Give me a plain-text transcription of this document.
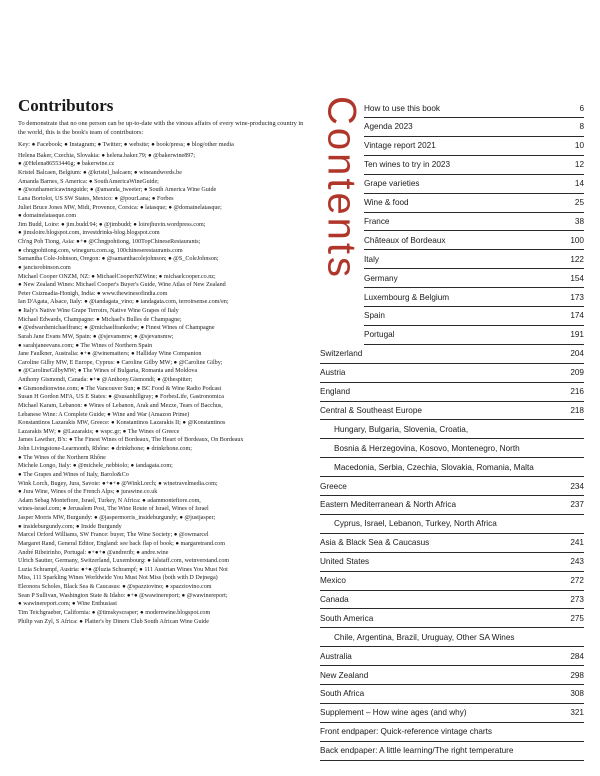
Contributors

To demonstrate that no one person can be up-to-date with the vinous affairs of every wine-producing country in the world, this is the book's team of contributors:

Key: ● Facebook; ● Instagram; ● Twitter; ● website; ● book/press; ● blog/other media
Helena Baker, Czechia, Slovakia: ● helena.baker.79; ● @bakerwine897;
● @Helena86553446g; ● bakerwine.cz
Kristel Balcaen, Belgium: ● @kristel_balcaen; ● wineandwords.be
Amanda Barnes, S America: ● SouthAmericaWineGuide;
● @southamericawineguide; ● @amanda_tweeter; ● South America Wine Guide
Lana Bortolot, US SW States, Mexico: ● @pourLana; ● Forbes
Juliet Bruce Jones MW, Midi, Provence, Corsica: ● latasque; ● @domainelatasque;
● domainelatasque.com
Jim Budd, Loire: ● jim.budd.94; ● @jimbudd; ● loirejhuvin.wordpress.com;
● jimsloire.blogspot.com, investdrinks-blog.blogspot.com
Ch'ng Poh Tiong, Asia: ●+● @Chngpohtiong, 100TopChineseRestaurants;
● chngpohtiong.com, wineguru.com.sg, 100chineserestaurants.com
Samantha Cole-Johnson, Oregon: ● @samanthacolejohnson; ● @S_ColeJohnson;
● jancisrobinson.com
Michael Cooper ONZM, NZ: ● MichaelCooperNZWine; ● michaelcooper.co.nz;
● New Zealand Wines: Michael Cooper's Buyer's Guide, Wine Atlas of New Zealand
Peter Csizmadia-Honigh, India: ● www.thewinesofindia.com
Ian D'Agata, Alsace, Italy: ● @iandagata_vino; ● iandagata.com, terroirsense.com/en;
● Italy's Native Wine Grape Terroirs, Native Wine Grapes of Italy
Michael Edwards, Champagne: ● Michael's Bulles de Champagne;
● @edwardsmichaelfranc; ● @michaelfrankedw; ● Finest Wines of Champagne
Sarah Jane Evans MW, Spain: ● @sjevansmw; ● @sjevansmw;
● sarahjaneevans.com; ● The Wines of Northern Spain
Jane Faulkner, Australia: ●+● @winematters; ● Halliday Wine Companion
Caroline Gilby MW, E Europe, Cyprus: ● Caroline Gilby MW; ● @Caroline Gilby;
● @CarolineGilbyMW; ● The Wines of Bulgaria, Romania and Moldova
Anthony Gismondi, Canada: ●+● @Anthony.Gismondi; ● @thespitter;
● Gismondionwine.com; ● The Vancouver Sun; ● BC Food & Wine Radio Podcast
Susan H Gordon MFA, US E States: ● @susanhillgray; ● ForbesLife, Gastronomica
Michael Karam, Lebanon: ● Wines of Lebanon, Arak and Mezze, Tears of Bacchus,
Lebanese Wine: A Complete Guide; ● Wine and War (Amazon Prime)
Konstantinos Lazarakis MW, Greece: ● Konstantinos Lazarakis II; ● @Konstantinos
Lazarakis MW; ● @Lazarakis; ● wspc.gr; ● The Wines of Greece
James Lawther, B'x: ● The Finest Wines of Bordeaux, The Heart of Bordeaux, On Bordeaux
John Livingstone-Learmonth, Rhône: ● drinkrhone; ● drinkrhone.com;
● The Wines of the Northern Rhône
Michele Longo, Italy: ● @michele_nebbiolo; ● iandagata.com;
● The Grapes and Wines of Italy, Barolo&Co
Wink Lorch, Bugey, Jura, Savoie: ●+●+● @WinkLorch; ● winetravelmedia.com;
● Jura Wine, Wines of the French Alps; ● jurawine.co.uk
Adam Sebag Montefiore, Israel, Turkey, N Africa: ● adammontefiore.com,
wines-israel.com; ● Jerusalem Post, The Wine Route of Israel, Wines of Israel
Jasper Morris MW, Burgundy: ● @jaspermorris_insideburgundy; ● @justjasper;
● insideburgundy.com; ● Inside Burgundy
Marcel Orford Williams, SW France: buyer, The Wine Society; ● @owmarcel
Margaret Rand, General Editor, England: see back flap of book; ● margaretrand.com
André Ribeirinho, Portugal: ●+●+● @andrerib; ● andre.wine
Ulrich Sautter, Germany, Switzerland, Luxembourg: ● falstaff.com, weinverstand.com
Luzia Schrampf, Austria: ●+● @luzia Schrampf; ● 111 Austrian Wines You Must Not
Miss, 111 Sparkling Wines Worldwide You Must Not Miss (both with D Dejnega)
Eleonora Scholes, Black Sea & Caucasus: ● @spazziovino; ● spazziovino.com
Sean P Sullivan, Washington State & Idaho: ●+● @wawinereport; ● @wawinereport;
● wawinereport.com; ● Wine Enthusiast
Tim Teichgraeber, California: ● @timskyscraper; ● modernwine.blogspot.com
Philip van Zyl, S Africa: ● Platter's by Diners Club South African Wine Guide
Contents How to use this book	6
Agenda 2023	8
Vintage report 2021	10
Ten wines to try in 2023	12
Grape varieties	14
Wine & food	25
France	38
Châteaux of Bordeaux	100
Italy	122
Germany	154
Luxembourg & Belgium	173
Spain	174
Portugal	191
Switzerland	204
Austria	209
England	216
Central & Southeast Europe	218
Hungary, Bulgaria, Slovenia, Croatia,
Bosnia & Herzegovina, Kosovo, Montenegro, North
Macedonia, Serbia, Czechia, Slovakia, Romania, Malta
Greece	234
Eastern Mediterranean & North Africa	237
Cyprus, Israel, Lebanon, Turkey, North Africa
Asia & Black Sea & Caucasus	241
United States	243
Mexico	272
Canada	273
South America	275
Chile, Argentina, Brazil, Uruguay, Other SA Wines
Australia	284
New Zealand	298
South Africa	308
Supplement – How wine ages (and why)	321
Front endpaper: Quick-reference vintage charts
Back endpaper: A little learning/The right temperature
